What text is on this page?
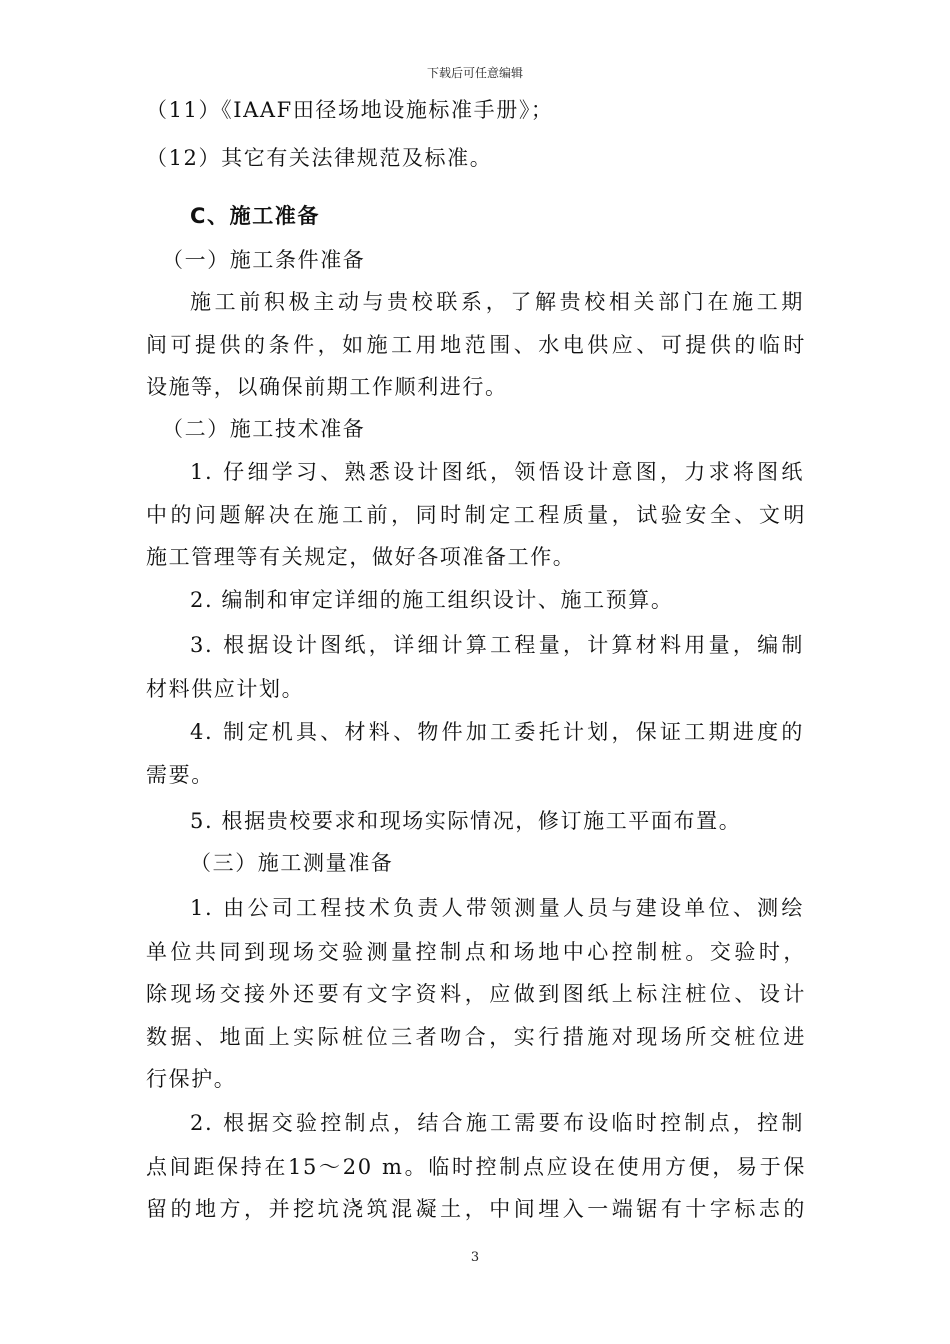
下载后可任意编辑
（11）《IAAF田径场地设施标准手册》；
（12）其它有关法律规范及标准。
C、施工准备
（一）施工条件准备
施工前积极主动与贵校联系，了解贵校相关部门在施工期
间可提供的条件，如施工用地范围、水电供应、可提供的临时
设施等，以确保前期工作顺利进行。
（二）施工技术准备
1. 仔细学习、熟悉设计图纸，领悟设计意图，力求将图纸
中的问题解决在施工前，同时制定工程质量，试验安全、文明
施工管理等有关规定，做好各项准备工作。
2. 编制和审定详细的施工组织设计、施工预算。
3. 根据设计图纸，详细计算工程量，计算材料用量，编制
材料供应计划。
4. 制定机具、材料、物件加工委托计划，保证工期进度的
需要。
5. 根据贵校要求和现场实际情况，修订施工平面布置。
（三）施工测量准备
1. 由公司工程技术负责人带领测量人员与建设单位、测绘
单位共同到现场交验测量控制点和场地中心控制桩。交验时，
除现场交接外还要有文字资料，应做到图纸上标注桩位、设计
数据、地面上实际桩位三者吻合，实行措施对现场所交桩位进
行保护。
2. 根据交验控制点，结合施工需要布设临时控制点，控制
点间距保持在15～20 m。临时控制点应设在使用方便，易于保
留的地方，并挖坑浇筑混凝土，中间埋入一端锯有十字标志的
3
